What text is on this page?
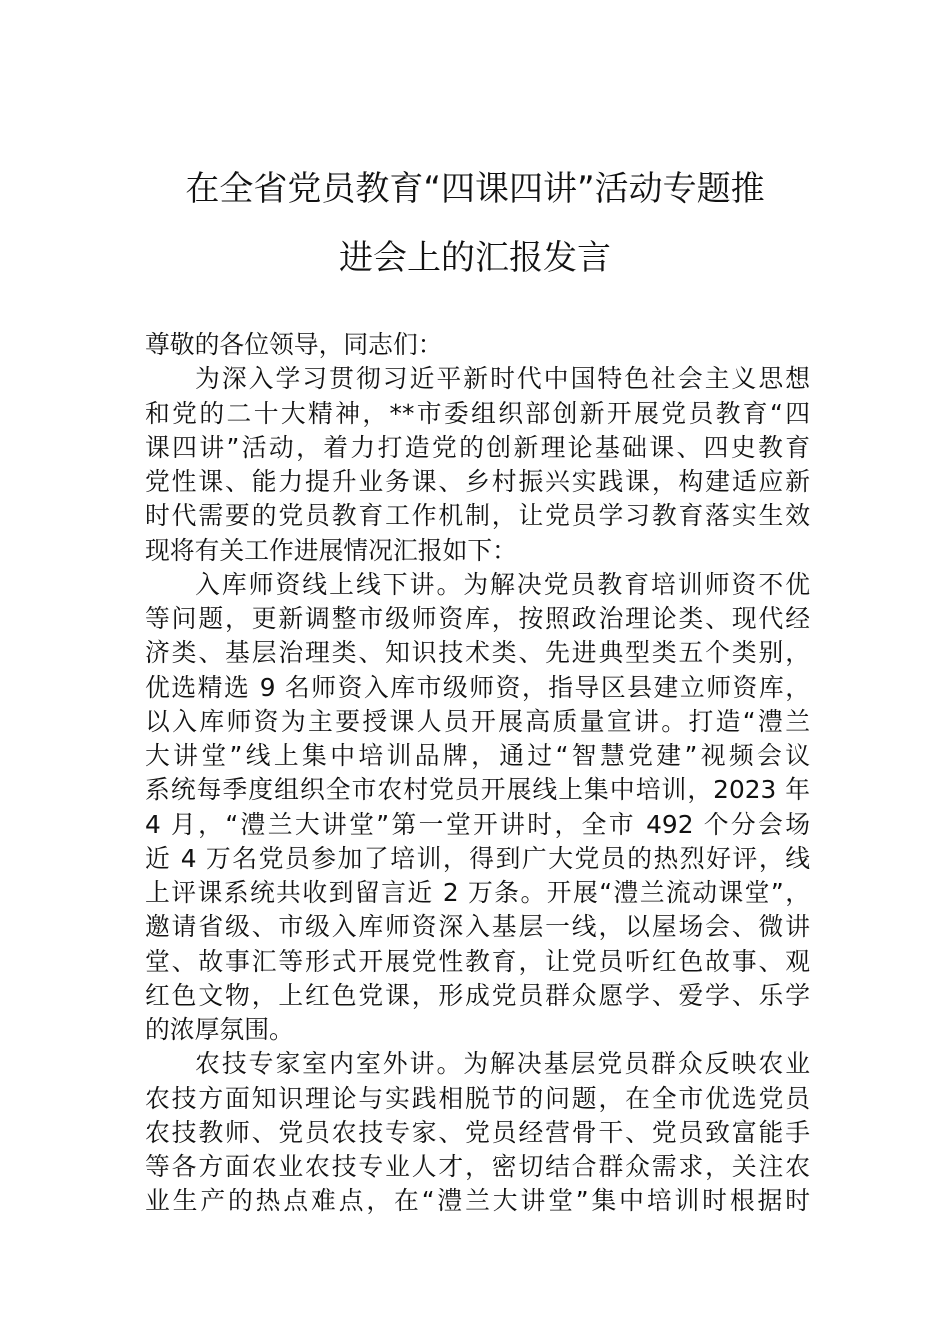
在全省党员教育“四课四讲”活动专题推
进会上的汇报发言
尊敬的各位领导，同志们：
为深入学习贯彻习近平新时代中国特色社会主义思想
和党的二十大精神，**市委组织部创新开展党员教育“四
课四讲”活动，着力打造党的创新理论基础课、四史教育
党性课、能力提升业务课、乡村振兴实践课，构建适应新
时代需要的党员教育工作机制，让党员学习教育落实生效
现将有关工作进展情况汇报如下：
入库师资线上线下讲。为解决党员教育培训师资不优
等问题，更新调整市级师资库，按照政治理论类、现代经
济类、基层治理类、知识技术类、先进典型类五个类别，
优选精选 9 名师资入库市级师资，指导区县建立师资库，
以入库师资为主要授课人员开展高质量宣讲。打造“澧兰
大讲堂”线上集中培训品牌，通过“智慧党建”视频会议
系统每季度组织全市农村党员开展线上集中培训，2023 年
4 月，“澧兰大讲堂”第一堂开讲时，全市 492 个分会场
近 4 万名党员参加了培训，得到广大党员的热烈好评，线
上评课系统共收到留言近 2 万条。开展“澧兰流动课堂”，
邀请省级、市级入库师资深入基层一线，以屋场会、微讲
堂、故事汇等形式开展党性教育，让党员听红色故事、观
红色文物，上红色党课，形成党员群众愿学、爱学、乐学
的浓厚氛围。
农技专家室内室外讲。为解决基层党员群众反映农业
农技方面知识理论与实践相脱节的问题，在全市优选党员
农技教师、党员农技专家、党员经营骨干、党员致富能手
等各方面农业农技专业人才，密切结合群众需求，关注农
业生产的热点难点，在“澧兰大讲堂”集中培训时根据时
